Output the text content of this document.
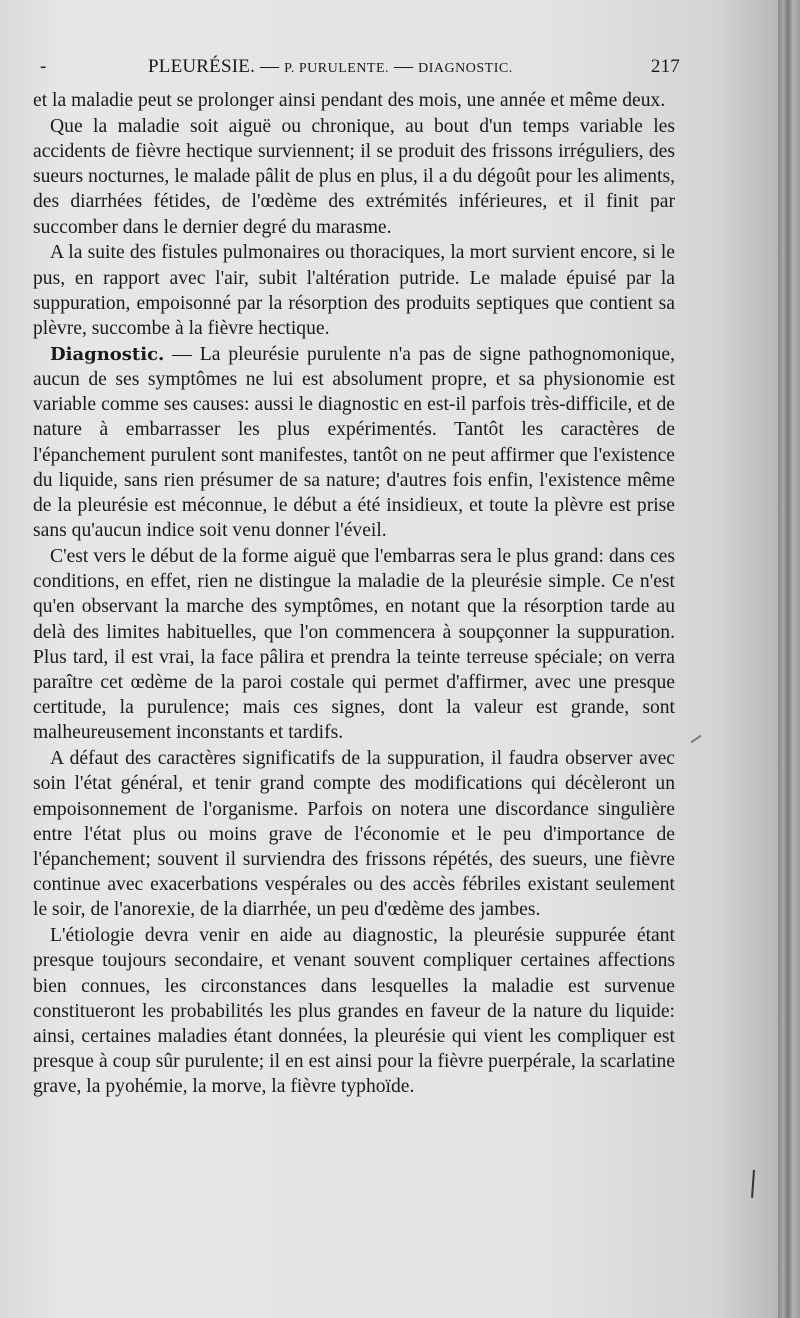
-	PLEURÉSIE. — P. PURULENTE. — DIAGNOSTIC.	217

et la maladie peut se prolonger ainsi pendant des mois, une année et même deux.

Que la maladie soit aiguë ou chronique, au bout d'un temps variable les accidents de fièvre hectique surviennent; il se produit des frissons irréguliers, des sueurs nocturnes, le malade pâlit de plus en plus, il a du dégoût pour les aliments, des diarrhées fétides, de l'œdème des extrémités inférieures, et il finit par succomber dans le dernier degré du marasme.

A la suite des fistules pulmonaires ou thoraciques, la mort survient encore, si le pus, en rapport avec l'air, subit l'altération putride. Le malade épuisé par la suppuration, empoisonné par la résorption des produits septiques que contient sa plèvre, succombe à la fièvre hectique.

Diagnostic. — La pleurésie purulente n'a pas de signe pathognomonique, aucun de ses symptômes ne lui est absolument propre, et sa physionomie est variable comme ses causes: aussi le diagnostic en est-il parfois très-difficile, et de nature à embarrasser les plus expérimentés. Tantôt les caractères de l'épanchement purulent sont manifestes, tantôt on ne peut affirmer que l'existence du liquide, sans rien présumer de sa nature; d'autres fois enfin, l'existence même de la pleurésie est méconnue, le début a été insidieux, et toute la plèvre est prise sans qu'aucun indice soit venu donner l'éveil.

C'est vers le début de la forme aiguë que l'embarras sera le plus grand: dans ces conditions, en effet, rien ne distingue la maladie de la pleurésie simple. Ce n'est qu'en observant la marche des symptômes, en notant que la résorption tarde au delà des limites habituelles, que l'on commencera à soupçonner la suppuration. Plus tard, il est vrai, la face pâlira et prendra la teinte terreuse spéciale; on verra paraître cet œdème de la paroi costale qui permet d'affirmer, avec une presque certitude, la purulence; mais ces signes, dont la valeur est grande, sont malheureusement inconstants et tardifs.

A défaut des caractères significatifs de la suppuration, il faudra observer avec soin l'état général, et tenir grand compte des modifications qui décèleront un empoisonnement de l'organisme. Parfois on notera une discordance singulière entre l'état plus ou moins grave de l'économie et le peu d'importance de l'épanchement; souvent il surviendra des frissons répétés, des sueurs, une fièvre continue avec exacerbations vespérales ou des accès fébriles existant seulement le soir, de l'anorexie, de la diarrhée, un peu d'œdème des jambes.

L'étiologie devra venir en aide au diagnostic, la pleurésie suppurée étant presque toujours secondaire, et venant souvent compliquer certaines affections bien connues, les circonstances dans lesquelles la maladie est survenue constitueront les probabilités les plus grandes en faveur de la nature du liquide: ainsi, certaines maladies étant données, la pleurésie qui vient les compliquer est presque à coup sûr purulente; il en est ainsi pour la fièvre puerpérale, la scarlatine grave, la pyohémie, la morve, la fièvre typhoïde.
